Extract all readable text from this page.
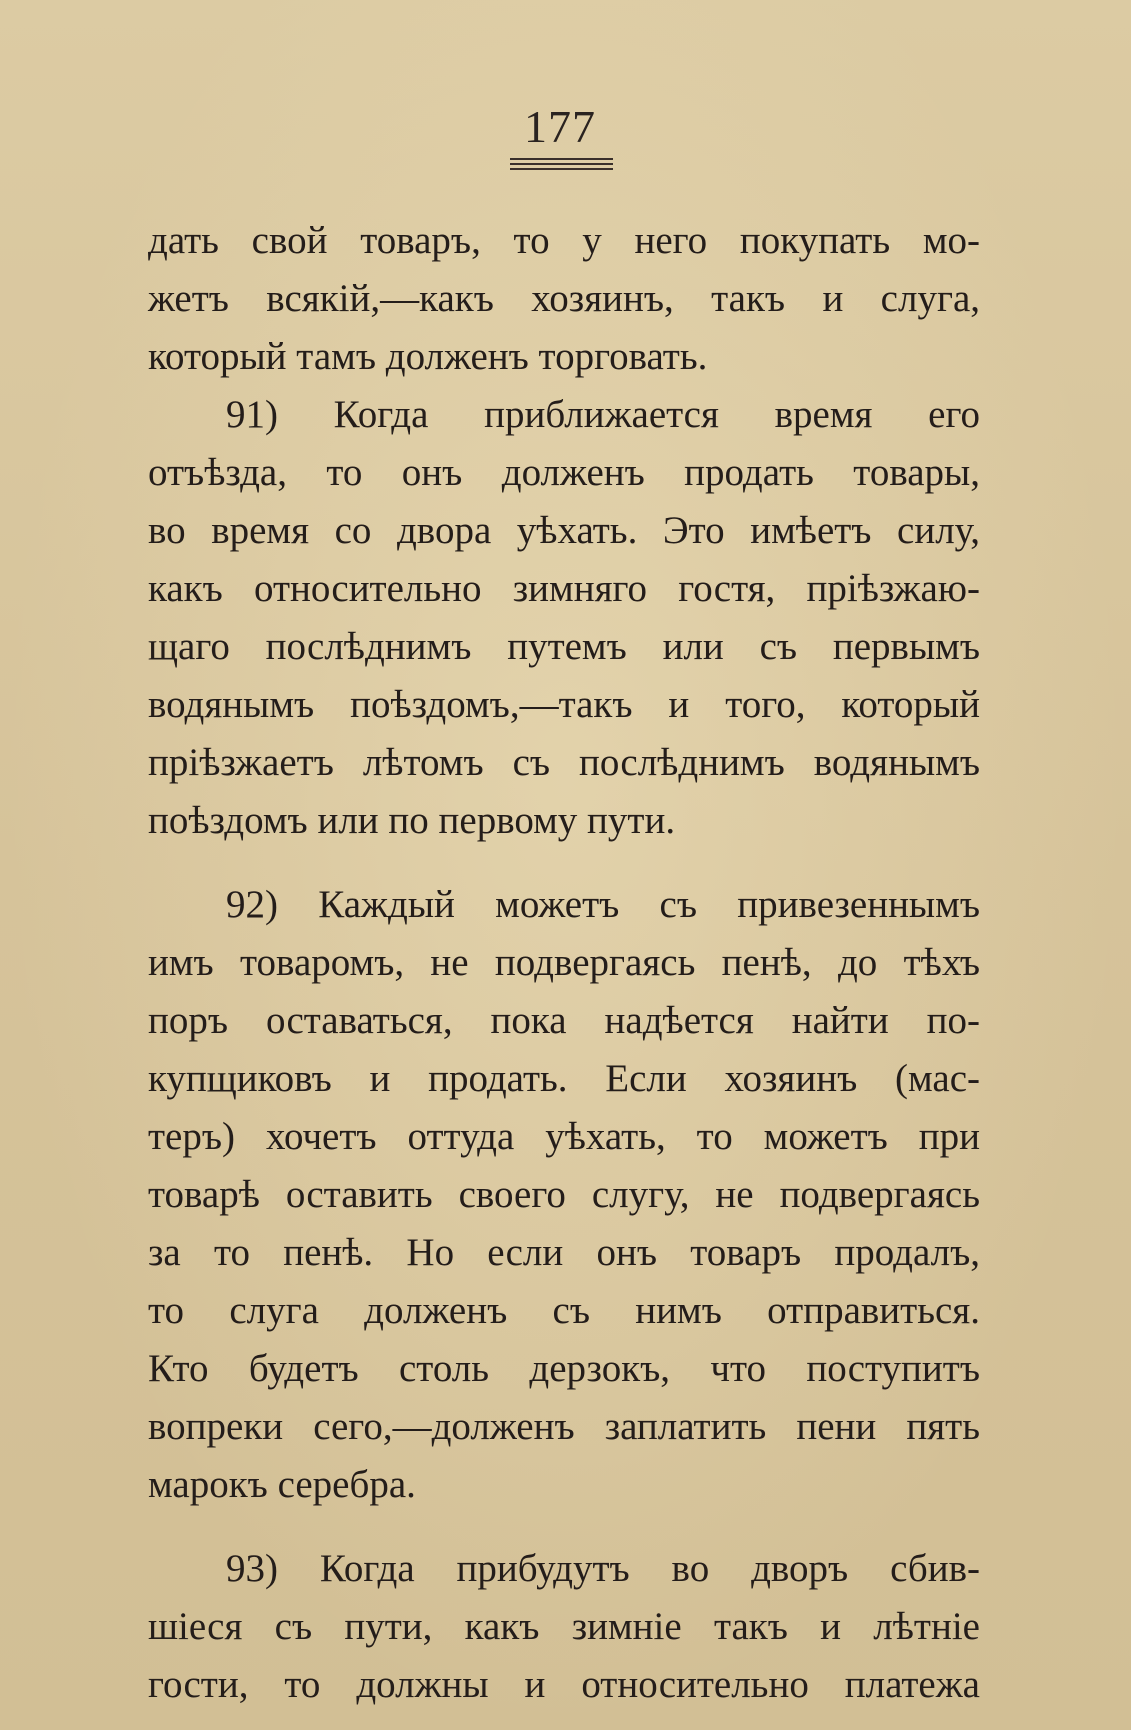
177
дать свой товаръ, то у него покупать мо-
жетъ всякій,—какъ хозяинъ, такъ и слуга,
который тамъ долженъ торговать.
91) Когда приближается время его
отъѣзда, то онъ долженъ продать товары,
во время со двора уѣхать. Это имѣетъ силу,
какъ относительно зимняго гостя, пріѣзжаю-
щаго послѣднимъ путемъ или съ первымъ
водянымъ поѣздомъ,—такъ и того, который
пріѣзжаетъ лѣтомъ съ послѣднимъ водянымъ
поѣздомъ или по первому пути.
92) Каждый можетъ съ привезеннымъ
имъ товаромъ, не подвергаясь пенѣ, до тѣхъ
поръ оставаться, пока надѣется найти по-
купщиковъ и продать. Если хозяинъ (мас-
теръ) хочетъ оттуда уѣхать, то можетъ при
товарѣ оставить своего слугу, не подвергаясь
за то пенѣ. Но если онъ товаръ продалъ,
то слуга долженъ съ нимъ отправиться.
Кто будетъ столь дерзокъ, что поступитъ
вопреки сего,—долженъ заплатить пени пять
марокъ серебра.
93) Когда прибудутъ во дворъ сбив-
шіеся съ пути, какъ зимніе такъ и лѣтніе
гости, то должны и относительно платежа
